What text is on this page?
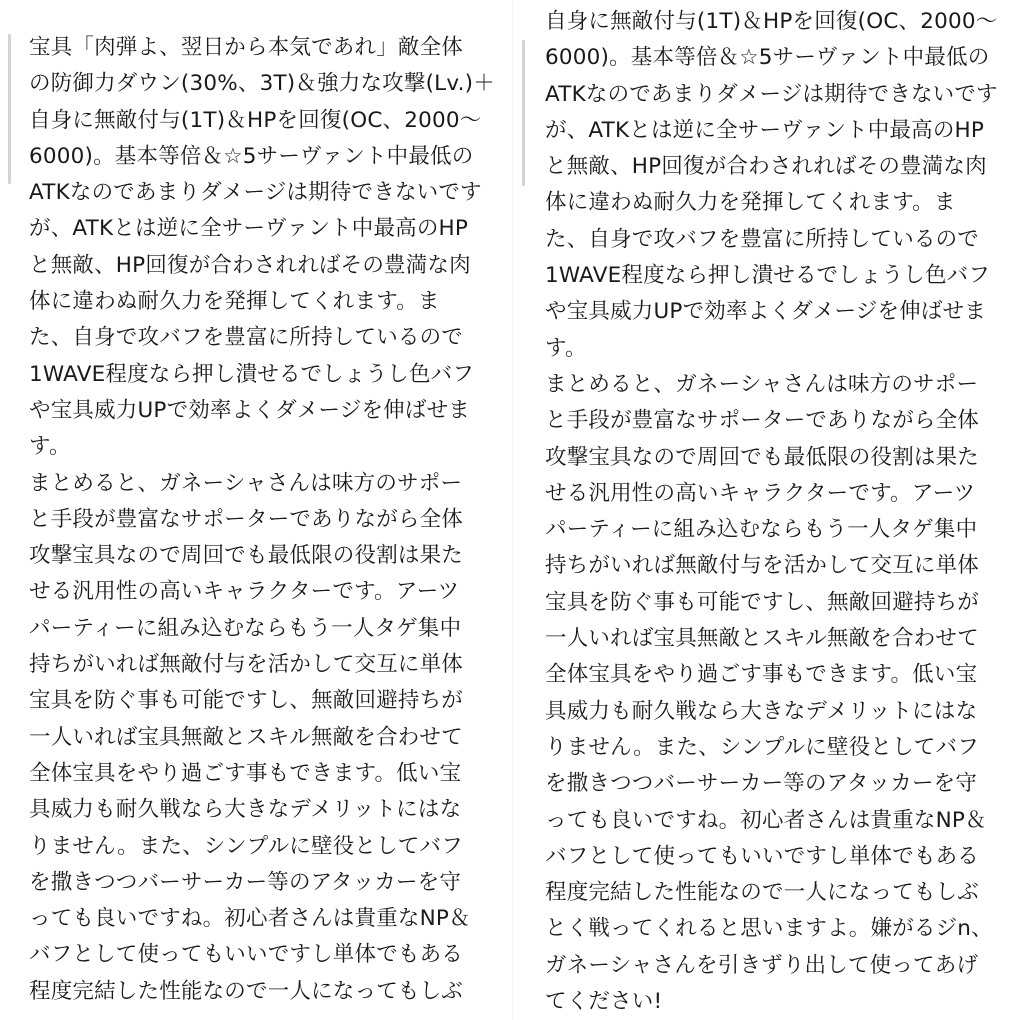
宝具「肉弾よ、翌日から本気であれ」敵全体
の防御力ダウン(30%、3T)＆強力な攻撃(Lv.)＋
自身に無敵付与(1T)＆HPを回復(OC、2000〜
6000)。基本等倍＆☆5サーヴァント中最低の
ATKなのであまりダメージは期待できないです
が、ATKとは逆に全サーヴァント中最高のHP
と無敵、HP回復が合わされればその豊満な肉
体に違わぬ耐久力を発揮してくれます。ま
た、自身で攻バフを豊富に所持しているので
1WAVE程度なら押し潰せるでしょうし色バフ
や宝具威力UPで効率よくダメージを伸ばせま
す。
まとめると、ガネーシャさんは味方のサポー
と手段が豊富なサポーターでありながら全体
攻撃宝具なので周回でも最低限の役割は果た
せる汎用性の高いキャラクターです。アーツ
パーティーに組み込むならもう一人タゲ集中
持ちがいれば無敵付与を活かして交互に単体
宝具を防ぐ事も可能ですし、無敵回避持ちが
一人いれば宝具無敵とスキル無敵を合わせて
全体宝具をやり過ごす事もできます。低い宝
具威力も耐久戦なら大きなデメリットにはな
りません。また、シンプルに壁役としてバフ
を撒きつつバーサーカー等のアタッカーを守
っても良いですね。初心者さんは貴重なNP＆
バフとして使ってもいいですし単体でもある
程度完結した性能なので一人になってもしぶ
自身に無敵付与(1T)＆HPを回復(OC、2000〜
6000)。基本等倍＆☆5サーヴァント中最低の
ATKなのであまりダメージは期待できないです
が、ATKとは逆に全サーヴァント中最高のHP
と無敵、HP回復が合わされればその豊満な肉
体に違わぬ耐久力を発揮してくれます。ま
た、自身で攻バフを豊富に所持しているので
1WAVE程度なら押し潰せるでしょうし色バフ
や宝具威力UPで効率よくダメージを伸ばせま
す。
まとめると、ガネーシャさんは味方のサポー
と手段が豊富なサポーターでありながら全体
攻撃宝具なので周回でも最低限の役割は果た
せる汎用性の高いキャラクターです。アーツ
パーティーに組み込むならもう一人タゲ集中
持ちがいれば無敵付与を活かして交互に単体
宝具を防ぐ事も可能ですし、無敵回避持ちが
一人いれば宝具無敵とスキル無敵を合わせて
全体宝具をやり過ごす事もできます。低い宝
具威力も耐久戦なら大きなデメリットにはな
りません。また、シンプルに壁役としてバフ
を撒きつつバーサーカー等のアタッカーを守
っても良いですね。初心者さんは貴重なNP＆
バフとして使ってもいいですし単体でもある
程度完結した性能なので一人になってもしぶ
とく戦ってくれると思いますよ。嫌がるジn、
ガネーシャさんを引きずり出して使ってあげ
てください!
